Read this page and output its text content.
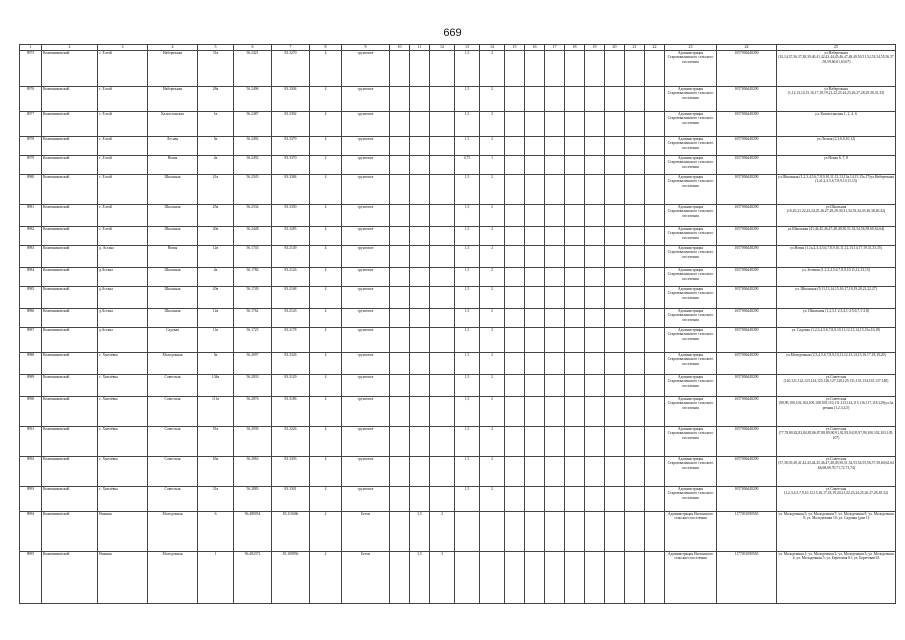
669
1	2	3	4	5	6	7	8	9	10	11	12	13	14	15	16	17	18	19	20	21	22	23	24	25
8975	Кожевниковский	с. Елгай	Набережная	31в	56.2421	83.3270	4	грунтовое				1,5	2									Администрация Староювалинского сельского поселения	1057006448290	ул.Набережная (32,14,37,36,37,38,39,40,41,42,43,44,45,46,47,48,49,50,51,52,53,54,55,56,57,58,59,60,61,63,67)
8976	Кожевниковский	с. Елгай	Набережная	28в	56.2496	83.3304	4	грунтовое				1,5	2									Администрация Староювалинского сельского поселения	1057006448290	ул.Набережная (1,12,13,14,15,16,17,18,19,21,22,23,24,25,26,27,28,29,30,31,33)
8977	Кожевниковский	с. Елгай	Казахстанская	1в	56.2487	83.3392	4	грунтовое				1,5	2									Администрация Староювалинского сельского поселения	1057006448290	ул. Казахстанская 1, 2, 4, 6
8978	Кожевниковский	с. Елгай	Лесная	5в	56.2492	83.3379	4	грунтовое				1,5	2									Администрация Староювалинского сельского поселения	1057006448290	ул.Лесная (2,3,6,8,10,12)
8979	Кожевниковский	с. Елгай	Новая	2в	56.2492	83.3370	2	грунтовое				0,75	1									Администрация Староювалинского сельского поселения	1057006448290	ул.Новая 6, 7, 8
8980	Кожевниковский	с. Елгай	Школьная	21в	56.2545	83.3384	4	грунтовое				1,5	2									Администрация Староювалинского сельского поселения	1057006448290	ул.Школьная (1,2,3,4,5,6,7,8,9,10,11,12,13,13а,14,15,15а,17)ул.Набережная (1,а1,2,3,5,6,7,8,9,10,11,13)
8981	Кожевниковский	с. Елгай	Школьная	25в	56.2534	83.3350	4	грунтовое				1,5	2									Администрация Староювалинского сельского поселения	1057006448290	ул.Школьная (16,20,21,22,23,24,25,26,27,28,29,30,31,32,33,34,35,36,38,40,42)
8982	Кожевниковский	с. Елгай	Школьная	40в	56.2448	83.3285	4	грунтовое				1,5	2									Администрация Староювалинского сельского поселения	1057006448290	ул.Школьная (41,44,45,46,47,48,49,50,51,52,54,56,58,60,62,64)
8983	Кожевниковский	д. Астана	Новая	12в	56.1743	83.2149	4	грунтовое				1,5	2									Администрация Староювалинского сельского поселения	1057006448290	ул.Новая (1,1а,2,3,4,5,6,7,8,9,10,11,12,13,14,17,19,31,33,35)
8984	Кожевниковский	д.Астана	Школьная	2в	56.1784	83.2126	4	грунтовое				1,5	2									Администрация Староювалинского сельского поселения	1057006448290	ул. Зеленая (1,2,3,4,5,6,7,8,9,10,11,12,13,15)
8985	Кожевниковский	д.Астана	Школьная	20в	56.1749	83.2168	4	грунтовое				1,5	2									Администрация Староювалинского сельского поселения	1057006448290	ул. Школьная (9,11,13,14,15,16,17,18,19,20,21,22,27)
8986	Кожевниковский	д.Астана	Школьная	12в	56.1762	83.2143	4	грунтовое				1,5	2									Администрация Староювалинского сельского поселения	1057006448290	ул. Школьная (1,2,3,1-2,3,4,1-2,5,6,7,1-2,8)
8987	Кожевниковский	д.Астана	Садовая	11в	56.1725	83.2178	4	грунтовое				1,5	2									Администрация Староювалинского сельского поселения	1057006448290	ул. Садовая (1,2,3,4,5,6,7,8,9,10,11,12,13,14,15,15а,16,18)
8988	Кожевниковский	с. Хмелёвка	Молодежная	5в	56.2697	83.3326	4	грунтовое				1,5	2									Администрация Староювалинского сельского поселения	1057006448290	ул.Молодежная (2,3,4,5,6,7,8,9,10,11,12,13,14,15,16,17,18,19,20)
8989	Кожевниковский	с. Хмелёвка	Советская	134в	56.2833	83.3129	4	грунтовое				1,5	2									Администрация Староювалинского сельского поселения	1057006448290	ул.Советская (120,121,122,123,124,125,126,127,128,129,131,133,134,135,137,140)
8990	Кожевниковский	с. Хмелёвка	Советская	111в	56.2876	83.3186	4	грунтовое				1,5	2									Администрация Староювалинского сельского поселения	1057006448290	ул.Советская (98,99,100,102,104,106,108,109,110,111,113,114,115,116,117,118,129)ул.Заречная (1,2,3,4,5)
8991	Кожевниковский	с. Хмелёвка	Советская	91в	56.2939	83.3226	4	грунтовое				1,5	2									Администрация Староювалинского сельского поселения	1057006448290	ул.Советская (77,78,80,82,83,84,85,86,87,88,89,90,91,92,93,94,95,97,99,100,102,103,105,107)
8992	Кожевниковский	с. Хмелёвка	Советская	65в	56.2963	83.3303	4	грунтовое				1,5	2									Администрация Староювалинского сельского поселения	1057006448290	ул.Советская (37,38,39,40,41,42,43,44,45,46,47,48,49,50,51,52,53,54,55,56,57,58,60,62,64,66,68,69,70,71,72,73,74)
8993	Кожевниковский	с. Хмелёвка	Советская	31в	56.2883	83.3301	4	грунтовое				1,5	2									Администрация Староювалинского сельского поселения	1057006448290	ул.Советская (1,2,3,4,5,7,9,10,12,15,16,17,18,19,20,21,22,23,24,25,26,27,28,30,32)
8994	Кожевниковский	Нижняя	Молодежная	6	56.480054	83.110466	2	Бетон		1,5	2											Администрация Иштанского сельского поселения	1177031090565	ул. Молодежная 5; ул. Молодежная 7; ул. Молодежная 8; ул. Молодежная 9; ул. Молодежная 10; ул. Садовая (дом 1)
8995	Кожевниковский	Нижняя	Молодежная	1	56.482373	83.109956	2	Бетон		1,5	3											Администрация Иштанского сельского поселения	1177031090565	ул. Молодежная 1; ул. Молодежная 2; ул. Молодежная 3; ул. Молодежная 4; ул. Молодежная 5; ул. Береговая 61; ул. Береговая 63
